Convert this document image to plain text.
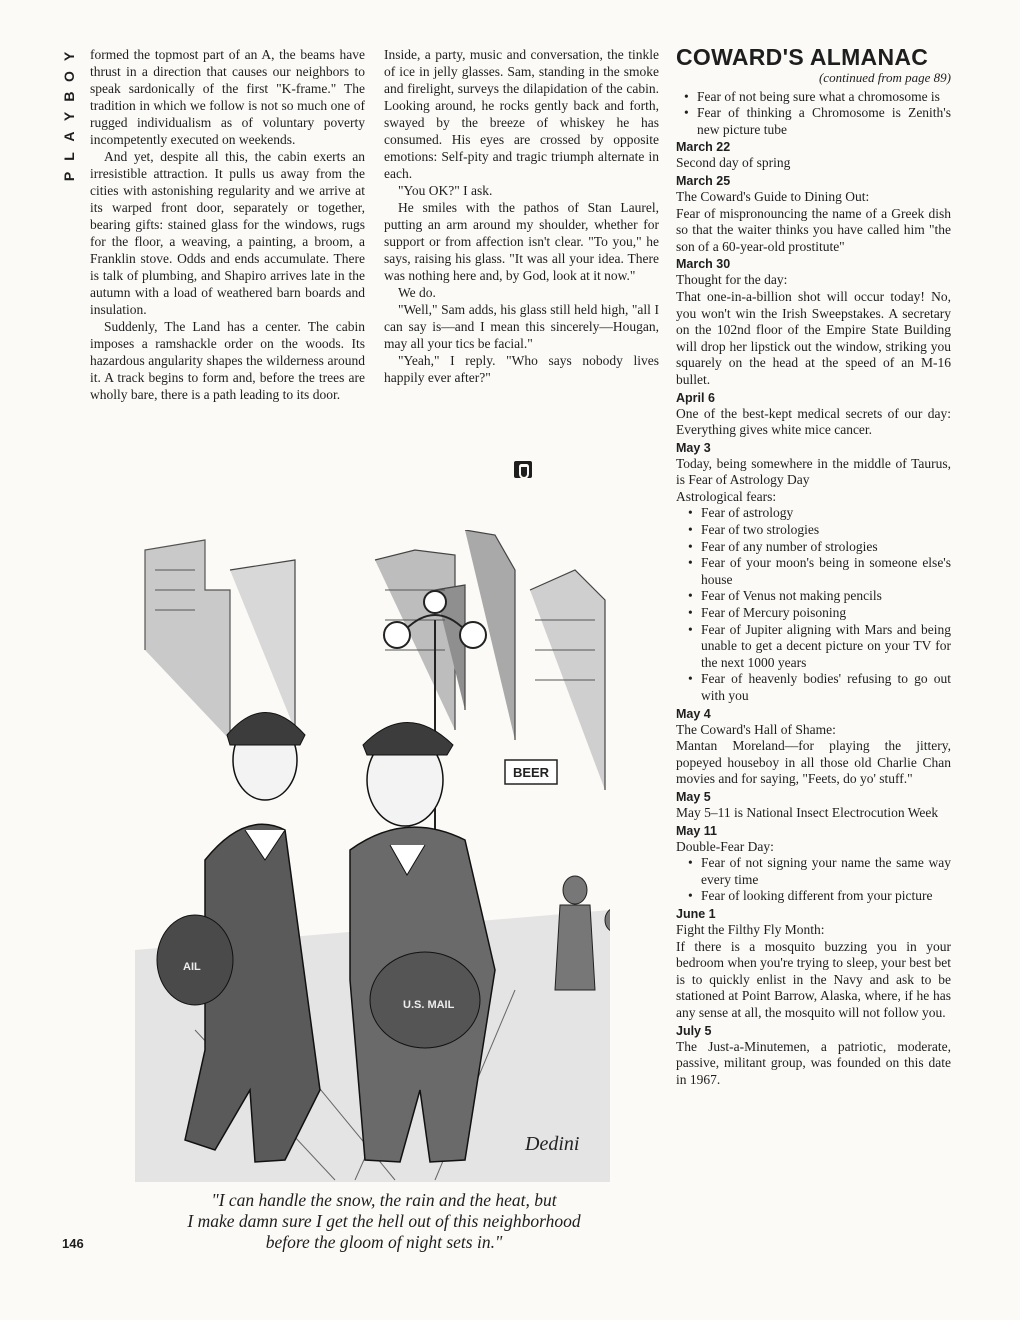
Y
O
B
Y
A
L
P

formed the topmost part of an A, the beams have thrust in a direction that causes our neighbors to speak sardonically of the first "K-frame." The tradition in which we follow is not so much one of rugged individualism as of voluntary poverty incompetently executed on weekends.

And yet, despite all this, the cabin exerts an irresistible attraction. It pulls us away from the cities with astonishing regularity and we arrive at its warped front door, separately or together, bearing gifts: stained glass for the windows, rugs for the floor, a weaving, a painting, a broom, a Franklin stove. Odds and ends accumulate. There is talk of plumbing, and Shapiro arrives late in the autumn with a load of weathered barn boards and insulation.

Suddenly, The Land has a center. The cabin imposes a ramshackle order on the woods. Its hazardous angularity shapes the wilderness around it. A track begins to form and, before the trees are wholly bare, there is a path leading to its door.

Inside, a party, music and conversation, the tinkle of ice in jelly glasses. Sam, standing in the smoke and firelight, surveys the dilapidation of the cabin. Looking around, he rocks gently back and forth, swayed by the breeze of whiskey he has consumed. His eyes are crossed by opposite emotions: Self-pity and tragic triumph alternate in each.

"You OK?" I ask.

He smiles with the pathos of Stan Laurel, putting an arm around my shoulder, whether for support or from affection isn't clear. "To you," he says, raising his glass. "It was all your idea. There was nothing here and, by God, look at it now."

We do.

"Well," Sam adds, his glass still held high, "all I can say is—and I mean this sincerely—Hougan, may all your tics be facial."

"Yeah," I reply. "Who says nobody lives happily ever after?"

COWARD'S ALMANAC
(continued from page 89)
• Fear of not being sure what a chromosome is
• Fear of thinking a Chromosome is Zenith's new picture tube
March 22
Second day of spring
March 25
The Coward's Guide to Dining Out:
Fear of mispronouncing the name of a Greek dish so that the waiter thinks you have called him "the son of a 60-year-old prostitute"
March 30
Thought for the day:
That one-in-a-billion shot will occur today! No, you won't win the Irish Sweepstakes. A secretary on the 102nd floor of the Empire State Building will drop her lipstick out the window, striking you squarely on the head at the speed of an M-16 bullet.
April 6
One of the best-kept medical secrets of our day: Everything gives white mice cancer.
May 3
Today, being somewhere in the middle of Taurus, is Fear of Astrology Day
Astrological fears:
• Fear of astrology
• Fear of two strologies
• Fear of any number of strologies
• Fear of your moon's being in someone else's house
• Fear of Venus not making pencils
• Fear of Mercury poisoning
• Fear of Jupiter aligning with Mars and being unable to get a decent picture on your TV for the next 1000 years
• Fear of heavenly bodies' refusing to go out with you
May 4
The Coward's Hall of Shame:
Mantan Moreland—for playing the jittery, popeyed houseboy in all those old Charlie Chan movies and for saying, "Feets, do yo' stuff."
May 5
May 5–11 is National Insect Electrocution Week
May 11
Double-Fear Day:
• Fear of not signing your name the same way every time
• Fear of looking different from your picture
June 1
Fight the Filthy Fly Month:
If there is a mosquito buzzing you in your bedroom when you're trying to sleep, your best bet is to quickly enlist in the Navy and ask to be stationed at Point Barrow, Alaska, where, if he has any sense at all, the mosquito will not follow you.
July 5
The Just-a-Minutemen, a patriotic, moderate, passive, militant group, was founded on this date in 1967.
BEER
AIL
U.S. MAIL
Dedini
"I can handle the snow, the rain and the heat, but
I make damn sure I get the hell out of this neighborhood
before the gloom of night sets in."
146
